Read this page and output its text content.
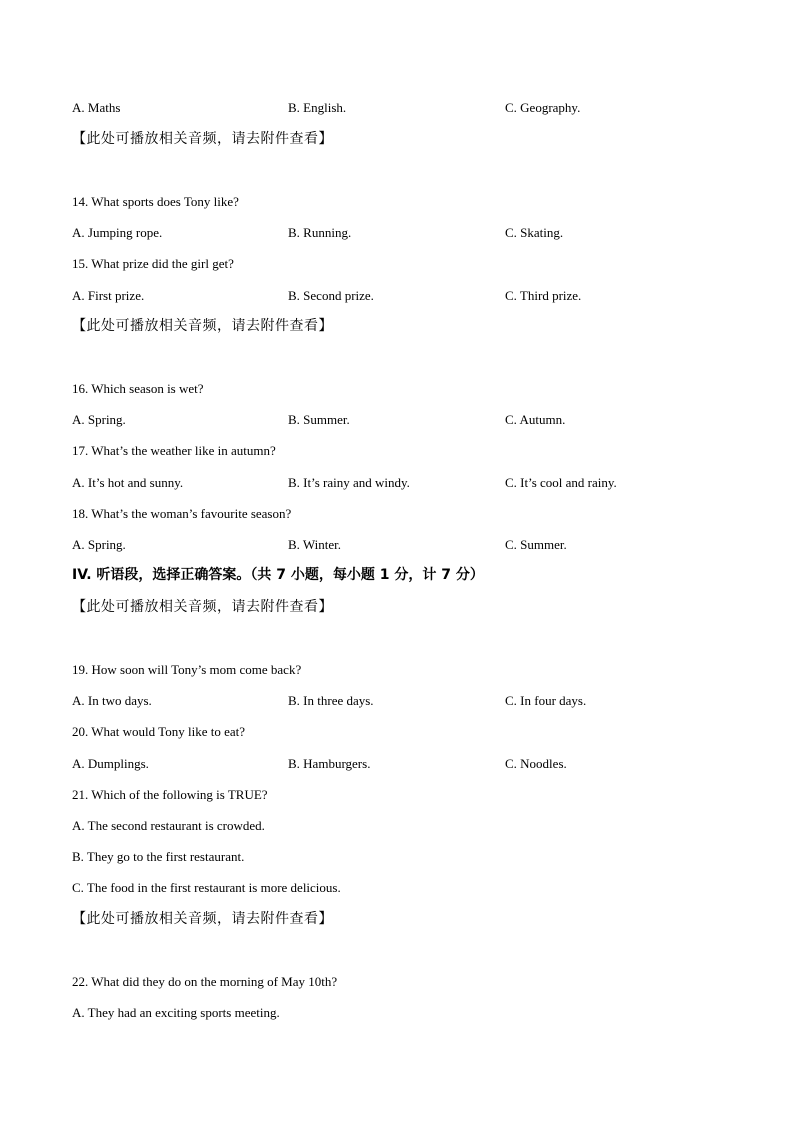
A. Maths	B. English.	C. Geography.
【此处可播放相关音频，请去附件查看】
14. What sports does Tony like?
A. Jumping rope.	B. Running.	C. Skating.
15. What prize did the girl get?
A. First prize.	B. Second prize.	C. Third prize.
【此处可播放相关音频，请去附件查看】
16. Which season is wet?
A. Spring.	B. Summer.	C. Autumn.
17. What’s the weather like in autumn?
A. It’s hot and sunny.	B. It’s rainy and windy.	C. It’s cool and rainy.
18. What’s the woman’s favourite season?
A. Spring.	B. Winter.	C. Summer.
IV. 听语段，选择正确答案。（共 7 小题，每小题 1 分，计 7 分）
【此处可播放相关音频，请去附件查看】
19. How soon will Tony’s mom come back?
A. In two days.	B. In three days.	C. In four days.
20. What would Tony like to eat?
A. Dumplings.	B. Hamburgers.	C. Noodles.
21. Which of the following is TRUE?
A. The second restaurant is crowded.
B. They go to the first restaurant.
C. The food in the first restaurant is more delicious.
【此处可播放相关音频，请去附件查看】
22. What did they do on the morning of May 10th?
A. They had an exciting sports meeting.
